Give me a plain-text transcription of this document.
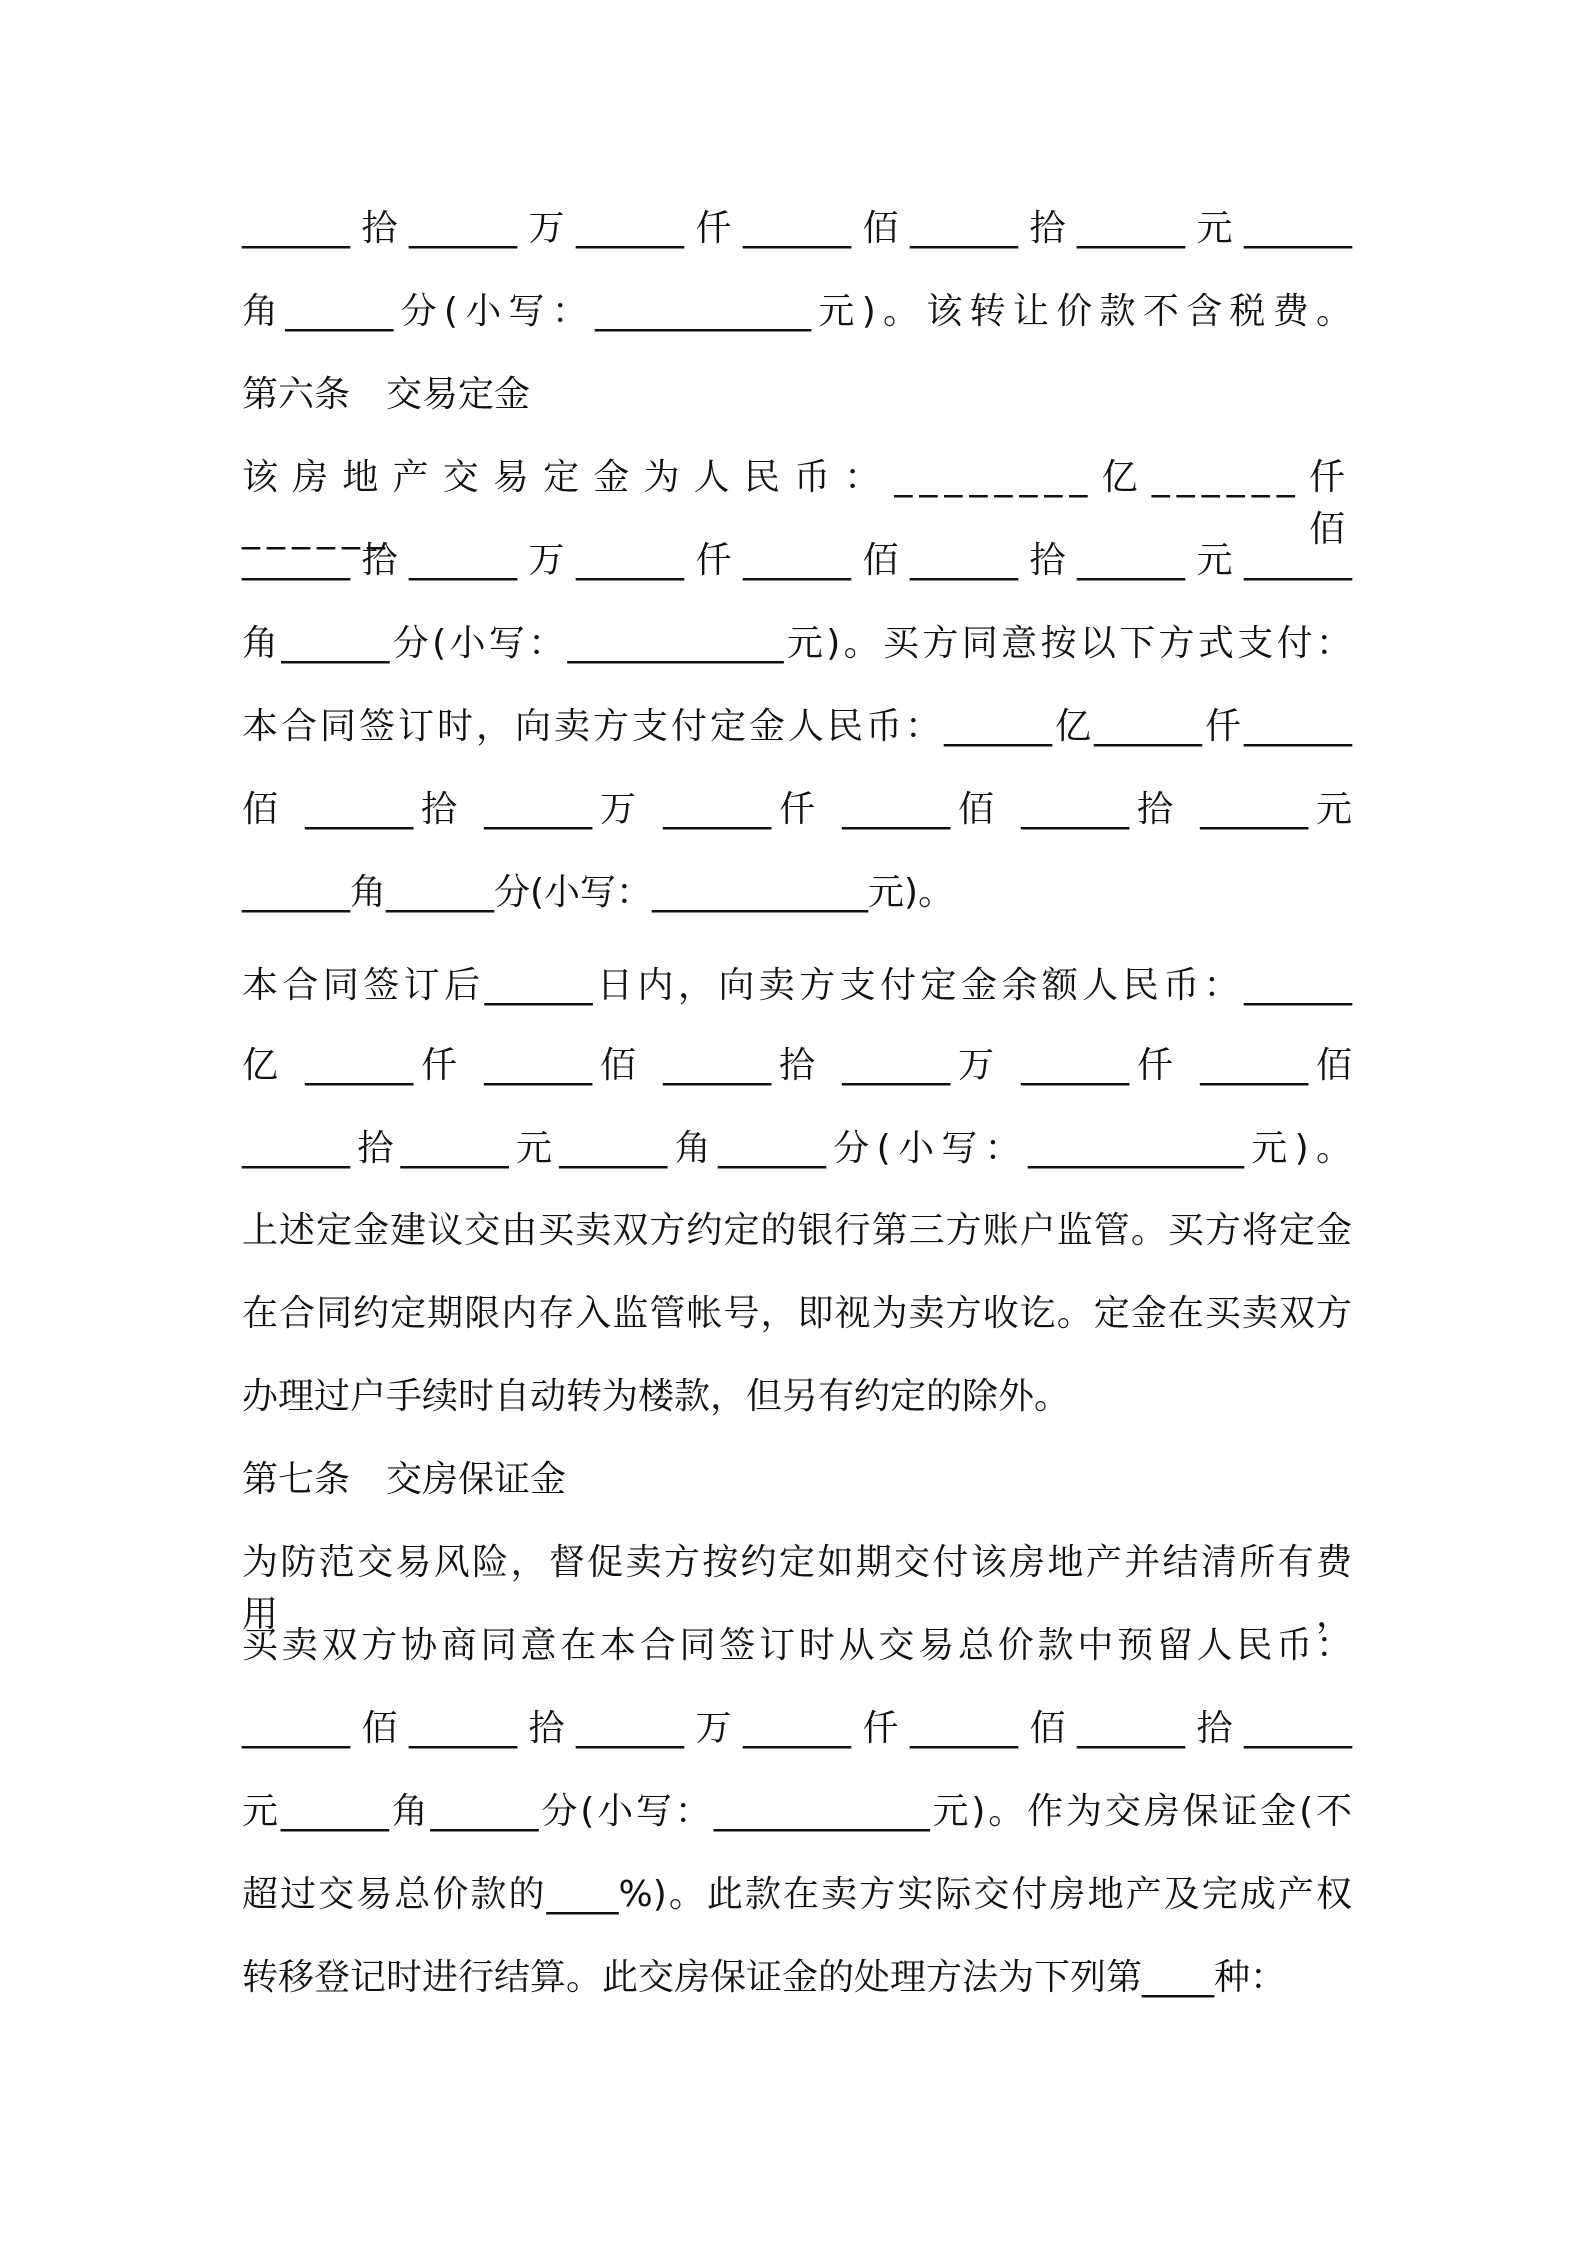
______拾______万______仟______佰______拾______元______
角______分(小写：____________元)。该转让价款不含税费。
第六条　交易定金
该房地产交易定金为人民币：________亿______仟______佰
______拾______万______仟______佰______拾______元______
角______分(小写：____________元)。买方同意按以下方式支付：
本合同签订时，向卖方支付定金人民币：______亿______仟______
佰 ______拾 ______万 ______仟 ______佰 ______拾 ______元
______角______分(小写：____________元)。
本合同签订后______日内，向卖方支付定金余额人民币：______
亿 ______仟 ______佰 ______拾 ______万 ______仟 ______佰
______拾______元______角______分(小写：____________元)。
上述定金建议交由买卖双方约定的银行第三方账户监管。买方将定金
在合同约定期限内存入监管帐号，即视为卖方收讫。定金在买卖双方
办理过户手续时自动转为楼款，但另有约定的除外。
第七条　交房保证金
为防范交易风险，督促卖方按约定如期交付该房地产并结清所有费用，
买卖双方协商同意在本合同签订时从交易总价款中预留人民币：
______佰______拾______万______仟______佰______拾______
元______角______分(小写：____________元)。作为交房保证金(不
超过交易总价款的____%)。此款在卖方实际交付房地产及完成产权
转移登记时进行结算。此交房保证金的处理方法为下列第____种：
